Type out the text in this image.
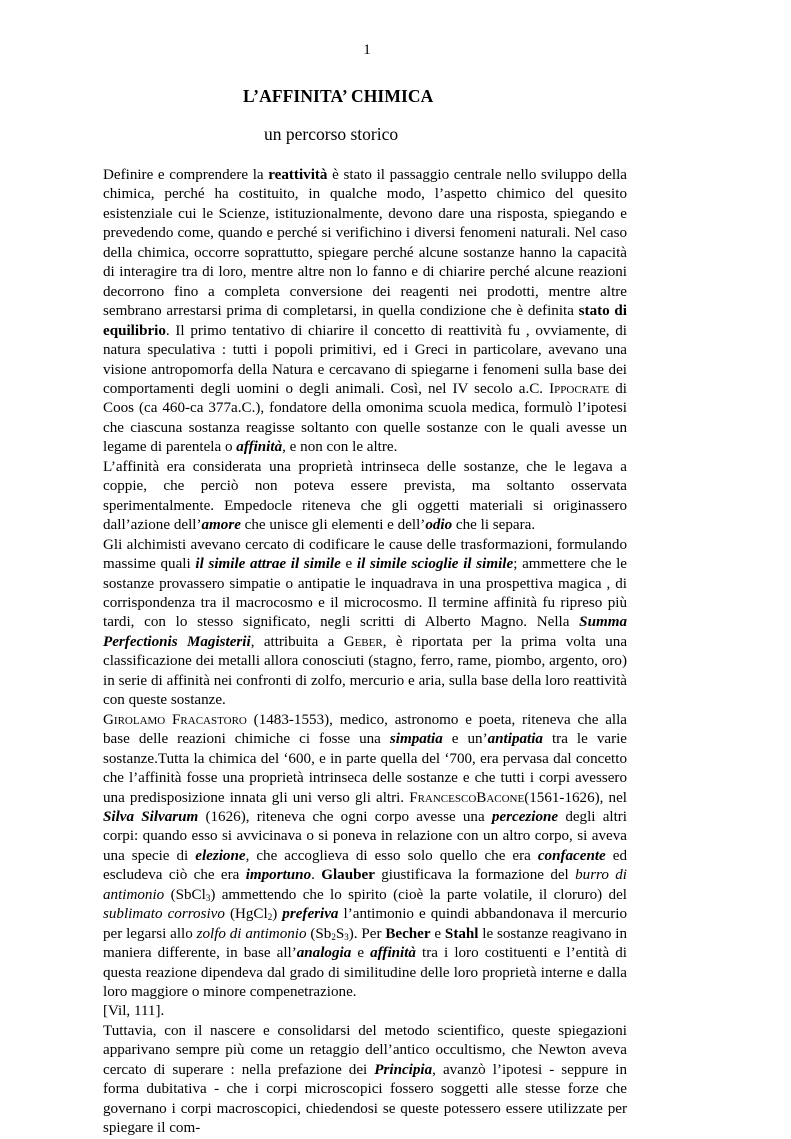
1
L’AFFINITA’ CHIMICA
un percorso storico

Definire e comprendere la reattività è stato il passaggio centrale nello sviluppo della chimica, perché ha costituito, in qualche modo, l’aspetto chimico del quesito esistenziale cui le Scienze, istituzionalmente, devono dare una risposta, spiegando e prevedendo come, quando e perché si verifichino i diversi fenomeni naturali. Nel caso della chimica, occorre soprattutto, spiegare perché alcune sostanze hanno la capacità di interagire tra di loro, mentre altre non lo fanno e di chiarire perché alcune reazioni decorrono fino a completa conversione dei reagenti nei prodotti, mentre altre sembrano arrestarsi prima di completarsi, in quella condizione che è definita stato di equilibrio. Il primo tentativo di chiarire il concetto di reattività fu , ovviamente, di natura speculativa : tutti i popoli primitivi, ed i Greci in particolare, avevano una visione antropomorfa della Natura e cercavano di spiegarne i fenomeni sulla base dei comportamenti degli uomini o degli animali. Così, nel IV secolo a.C. Ippocrate di Coos (ca 460-ca 377a.C.), fondatore della omonima scuola medica, formulò l’ipotesi che ciascuna sostanza reagisse soltanto con quelle sostanze con le quali avesse un legame di parentela o affinità, e non con le altre.

L’affinità era considerata una proprietà intrinseca delle sostanze, che le legava a coppie, che perciò non poteva essere prevista, ma soltanto osservata sperimentalmente. Empedocle riteneva che gli oggetti materiali si originassero dall’azione dell’amore che unisce gli elementi e dell’odio che li separa.

Gli alchimisti avevano cercato di codificare le cause delle trasformazioni, formulando massime quali il simile attrae il simile e il simile scioglie il simile; ammettere che le sostanze provassero simpatie o antipatie le inquadrava in una prospettiva magica , di corrispondenza tra il macrocosmo e il microcosmo. Il termine affinità fu ripreso più tardi, con lo stesso significato, negli scritti di Alberto Magno. Nella Summa Perfectionis Magisterii, attribuita a Geber, è riportata per la prima volta una classificazione dei metalli allora conosciuti (stagno, ferro, rame, piombo, argento, oro) in serie di affinità nei confronti di zolfo, mercurio e aria, sulla base della loro reattività con queste sostanze.

Girolamo Fracastoro (1483-1553), medico, astronomo e poeta, riteneva che alla base delle reazioni chimiche ci fosse una simpatia e un’antipatia tra le varie sostanze.Tutta la chimica del ‘600, e in parte quella del ‘700, era pervasa dal concetto che l’affinità fosse una proprietà intrinseca delle sostanze e che tutti i corpi avessero una predisposizione innata gli uni verso gli altri. FrancescoBacone(1561-1626), nel Silva Silvarum (1626), riteneva che ogni corpo avesse una percezione degli altri corpi: quando esso si avvicinava o si poneva in relazione con un altro corpo, si aveva una specie di elezione, che accoglieva di esso solo quello che era confacente ed escludeva ciò che era importuno. Glauber giustificava la formazione del burro di antimonio (SbCl$_3$) ammettendo che lo spirito (cioè la parte volatile, il cloruro) del sublimato corrosivo (HgCl$_2$) preferiva l’antimonio e quindi abbandonava il mercurio per legarsi allo zolfo di antimonio $(Sb_2S_3)$. Per Becher e Stahl le sostanze reagivano in maniera differente, in base all’analogia e affinità tra i loro costituenti e l’entità di questa reazione dipendeva dal grado di similitudine delle loro proprietà interne e dalla loro maggiore o minore compenetrazione.

[Vil, 111].

Tuttavia, con il nascere e consolidarsi del metodo scientifico, queste spiegazioni apparivano sempre più come un retaggio dell’antico occultismo, che Newton aveva cercato di superare : nella prefazione dei Principia, avanzò l’ipotesi - seppure in forma dubitativa - che i corpi microscopici fossero soggetti alle stesse forze che governano i corpi macroscopici, chiedendosi se queste potessero essere utilizzate per spiegare il com-
